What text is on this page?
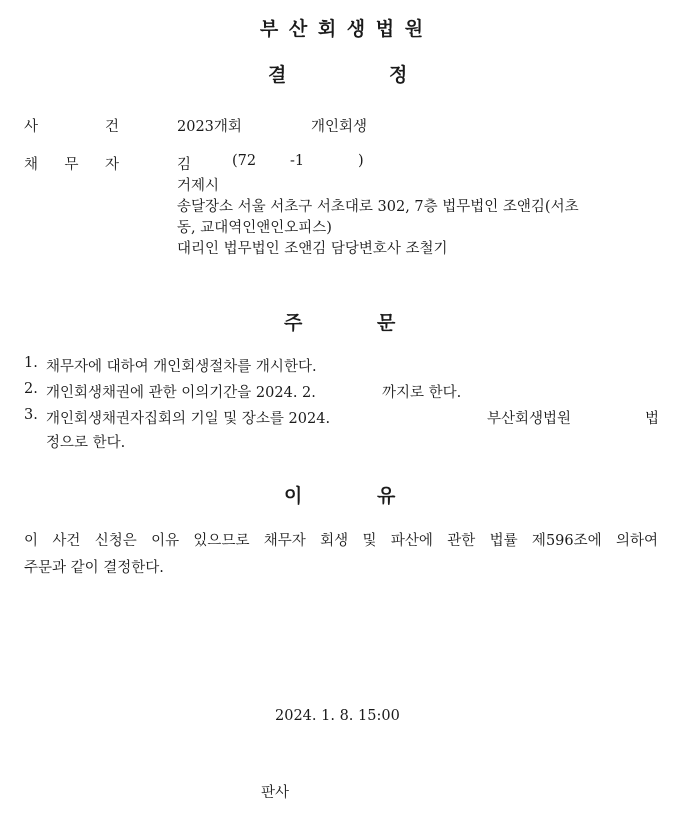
부 산 회 생 법 원
결	정
사	건	2023개회	개인회생
채 무 자	김	(72 -1	)
거제시
송달장소 서울 서초구 서초대로 302, 7층 법무법인 조앤김(서초
동, 교대역인앤인오피스)
대리인 법무법인 조앤김 담당변호사 조철기
주	문
1. 채무자에 대하여 개인회생절차를 개시한다.
2. 개인회생채권에 관한 이의기간을 2024. 2.	까지로 한다.
3. 개인회생채권자집회의 기일 및 장소를 2024.	부산회생법원	법
정으로 한다.
이	유
이 사건 신청은 이유 있으므로 채무자 회생 및 파산에 관한 법률 제596조에 의하여
주문과 같이 결정한다.
2024. 1. 8. 15:00
판사
